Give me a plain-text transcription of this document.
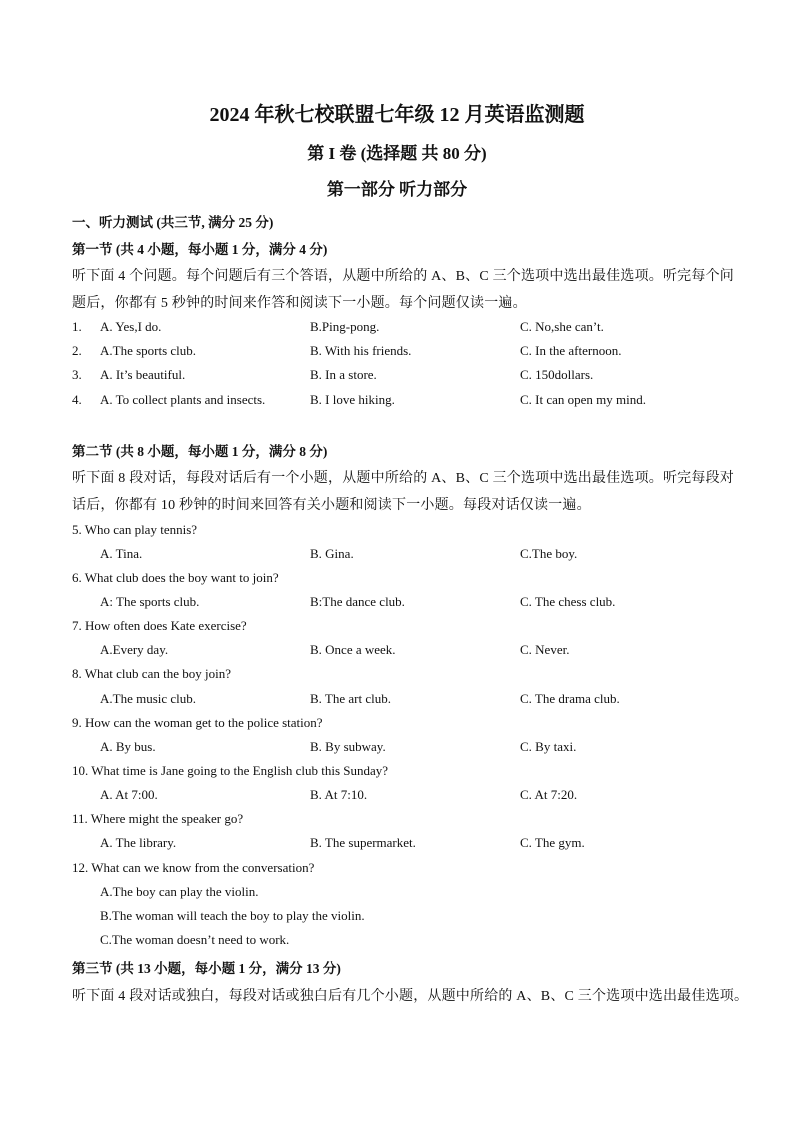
2024 年秋七校联盟七年级 12 月英语监测题
第 I 卷 (选择题 共 80 分)
第一部分 听力部分
一、听力测试 (共三节, 满分 25 分)
第一节 (共 4 小题，每小题 1 分，满分 4 分)
听下面 4 个问题。每个问题后有三个答语，从题中所给的 A、B、C 三个选项中选出最佳选项。听完每个问
题后，你都有 5 秒钟的时间来作答和阅读下一小题。每个问题仅读一遍。
1. A. Yes,I do.	B.Ping-pong.	C. No,she can’t.
2. A.The sports club.	B. With his friends.	C. In the afternoon.
3. A. It’s beautiful.	B. In a store.	C. 150dollars.
4. A. To collect plants and insects.	B. I love hiking.	C. It can open my mind.
第二节 (共 8 小题，每小题 1 分，满分 8 分)
听下面 8 段对话，每段对话后有一个小题，从题中所给的 A、B、C 三个选项中选出最佳选项。听完每段对
话后，你都有 10 秒钟的时间来回答有关小题和阅读下一小题。每段对话仅读一遍。
5. Who can play tennis?
A. Tina.	B. Gina.	C.The boy.
6. What club does the boy want to join?
A: The sports club.	B:The dance club.	C. The chess club.
7. How often does Kate exercise?
A.Every day.	B. Once a week.	C. Never.
8. What club can the boy join?
A.The music club.	B. The art club.	C. The drama club.
9. How can the woman get to the police station?
A. By bus.	B. By subway.	C. By taxi.
10. What time is Jane going to the English club this Sunday?
A. At 7:00.	B. At 7:10.	C. At 7:20.
11. Where might the speaker go?
A. The library.	B. The supermarket.	C. The gym.
12. What can we know from the conversation?
A.The boy can play the violin.
B.The woman will teach the boy to play the violin.
C.The woman doesn’t need to work.
第三节 (共 13 小题，每小题 1 分，满分 13 分)
听下面 4 段对话或独白，每段对话或独白后有几个小题，从题中所给的 A、B、C 三个选项中选出最佳选项。
